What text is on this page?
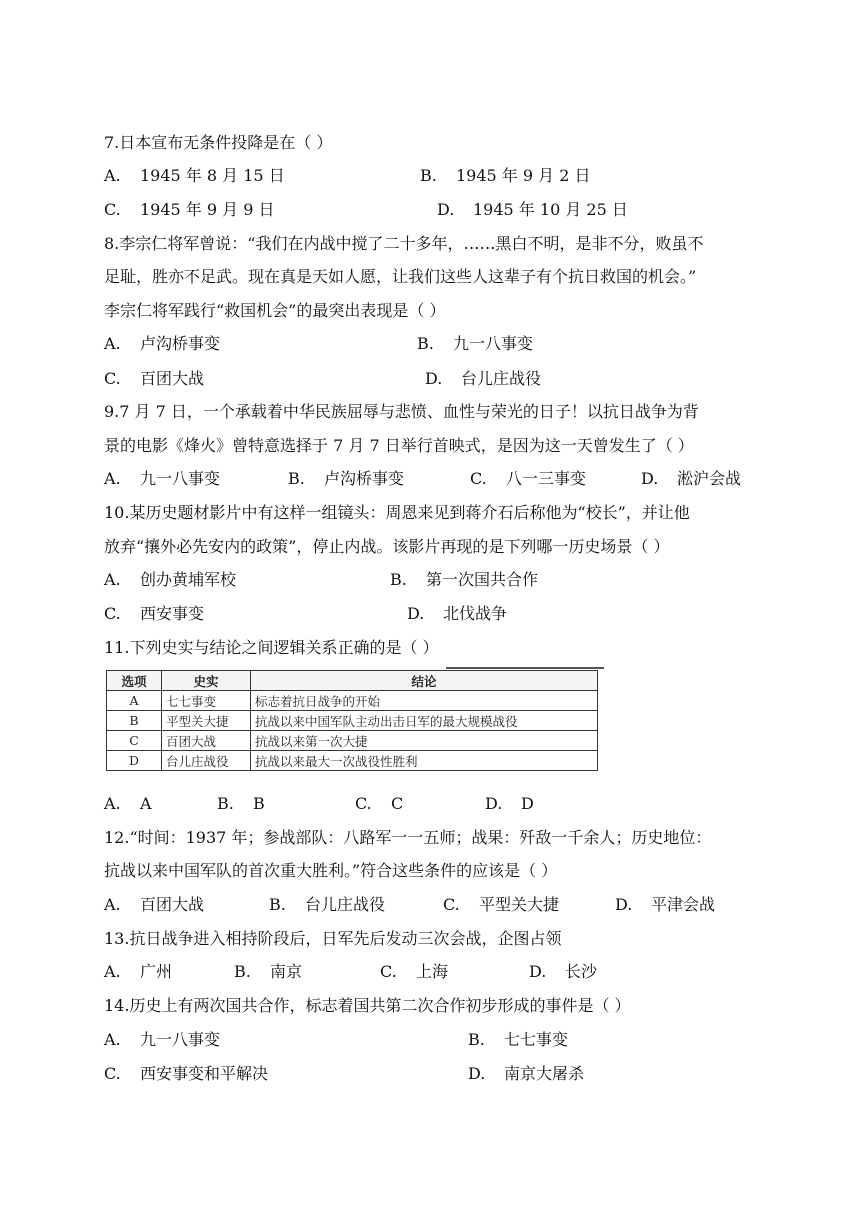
7.日本宣布无条件投降是在（ ）
A. 1945 年 8 月 15 日	B. 1945 年 9 月 2 日
C. 1945 年 9 月 9 日	D. 1945 年 10 月 25 日
8.李宗仁将军曾说：“我们在内战中搅了二十多年，……黑白不明，是非不分，败虽不
足耻，胜亦不足武。现在真是天如人愿，让我们这些人这辈子有个抗日救国的机会。”
李宗仁将军践行“救国机会”的最突出表现是（ ）
A. 卢沟桥事变	B. 九一八事变
C. 百团大战	D. 台儿庄战役
9.7 月 7 日，一个承载着中华民族屈辱与悲愤、血性与荣光的日子！以抗日战争为背
景的电影《烽火》曾特意选择于 7 月 7 日举行首映式，是因为这一天曾发生了（ ）
A. 九一八事变	B. 卢沟桥事变	C. 八一三事变	D. 淞沪会战
10.某历史题材影片中有这样一组镜头：周恩来见到蒋介石后称他为“校长”，并让他
放弃“攘外必先安内的政策”，停止内战。该影片再现的是下列哪一历史场景（ ）
A. 创办黄埔军校	B. 第一次国共合作
C. 西安事变	D. 北伐战争
11.下列史实与结论之间逻辑关系正确的是（ ）
选项	史实	结论
A	七七事变	标志着抗日战争的开始
B	平型关大捷	抗战以来中国军队主动出击日军的最大规模战役
C	百团大战	抗战以来第一次大捷
D	台儿庄战役	抗战以来最大一次战役性胜利
A. A	B. B	C. C	D. D
12.“时间：1937 年；参战部队：八路军一一五师；战果：歼敌一千余人；历史地位：
抗战以来中国军队的首次重大胜利。”符合这些条件的应该是（ ）
A. 百团大战	B. 台儿庄战役	C. 平型关大捷	D. 平津会战
13.抗日战争进入相持阶段后，日军先后发动三次会战，企图占领
A. 广州	B. 南京	C. 上海	D. 长沙
14.历史上有两次国共合作，标志着国共第二次合作初步形成的事件是（ ）
A. 九一八事变	B. 七七事变
C. 西安事变和平解决	D. 南京大屠杀
